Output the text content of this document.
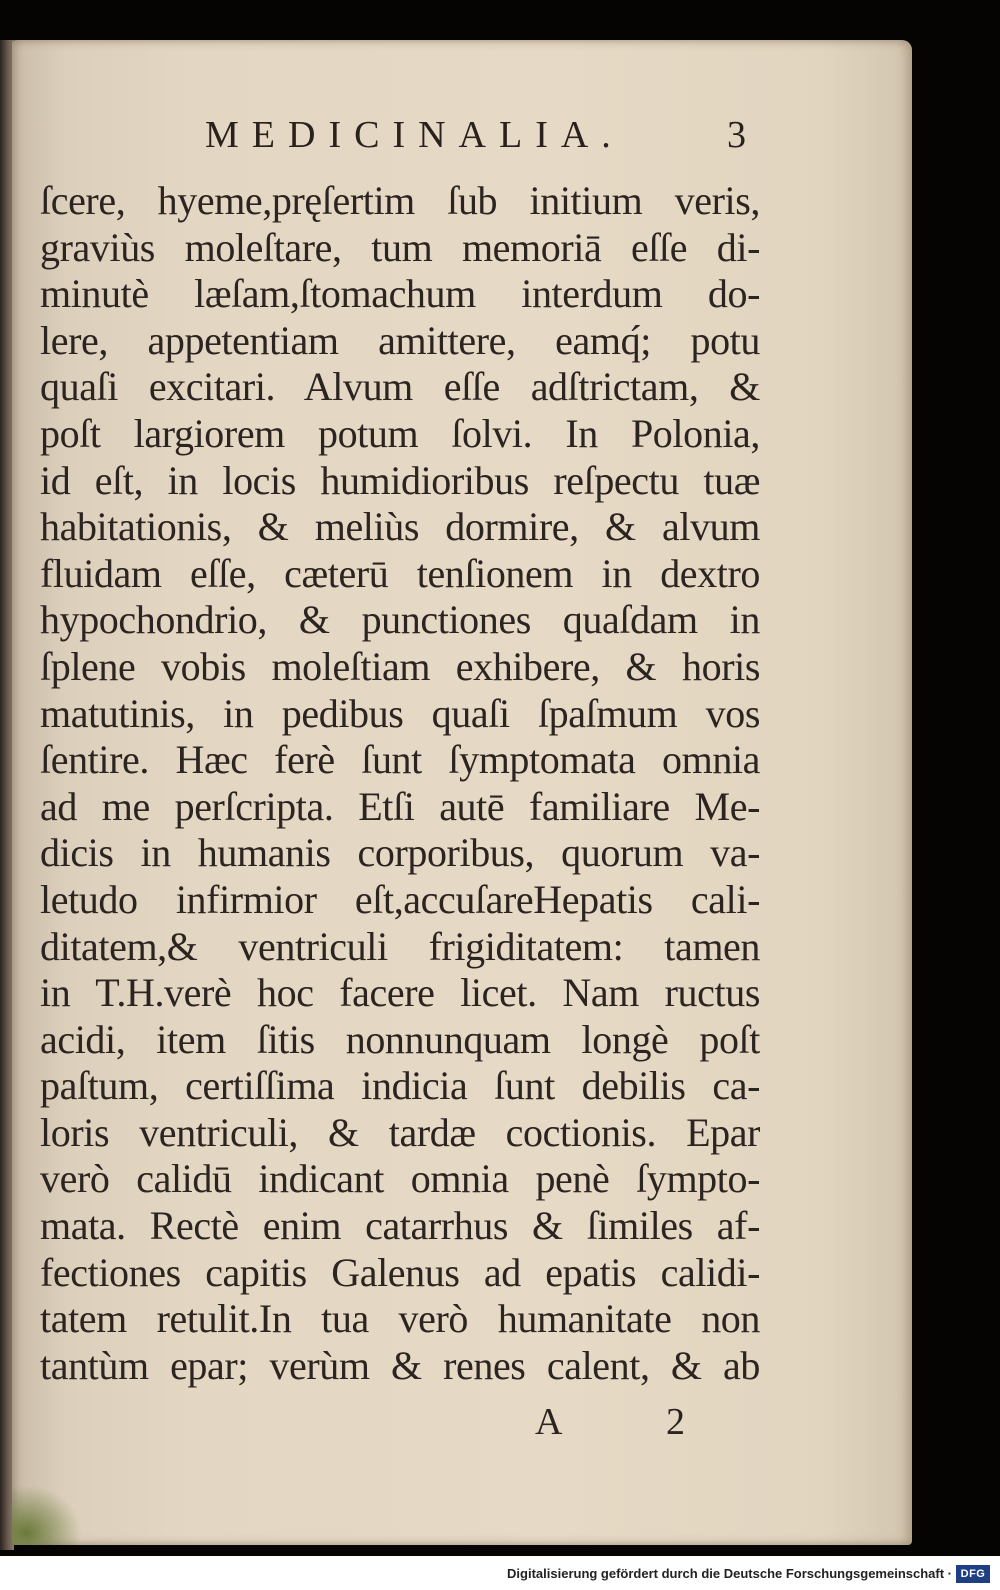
MEDICINALIA.	3
ſcere, hyeme,pręſertim ſub initium veris,
graviùs moleſtare, tum memoriā eſſe di-
minutè læſam,ſtomachum interdum do-
lere, appetentiam amittere, eamq́; potu
quaſi excitari. Alvum eſſe adſtrictam, &
poſt largiorem potum ſolvi. In Polonia,
id eſt, in locis humidioribus reſpectu tuæ
habitationis, & meliùs dormire, & alvum
fluidam eſſe, cæterū tenſionem in dextro
hypochondrio, & punctiones quaſdam in
ſplene vobis moleſtiam exhibere, & horis
matutinis, in pedibus quaſi ſpaſmum vos
ſentire. Hæc ferè ſunt ſymptomata omnia
ad me perſcripta. Etſi autē familiare Me-
dicis in humanis corporibus, quorum va-
letudo infirmior eſt,accuſareHepatis cali-
ditatem,& ventriculi frigiditatem: tamen
in T.H.verè hoc facere licet. Nam ructus
acidi, item ſitis nonnunquam longè poſt
paſtum, certiſſima indicia ſunt debilis ca-
loris ventriculi, & tardæ coctionis. Epar
verò calidū indicant omnia penè ſympto-
mata. Rectè enim catarrhus & ſimiles af-
fectiones capitis Galenus ad epatis calidi-
tatem retulit.In tua verò humanitate non
tantùm epar; verùm & renes calent, & ab
A	2
Digitalisierung gefördert durch die Deutsche Forschungsgemeinschaft · DFG
